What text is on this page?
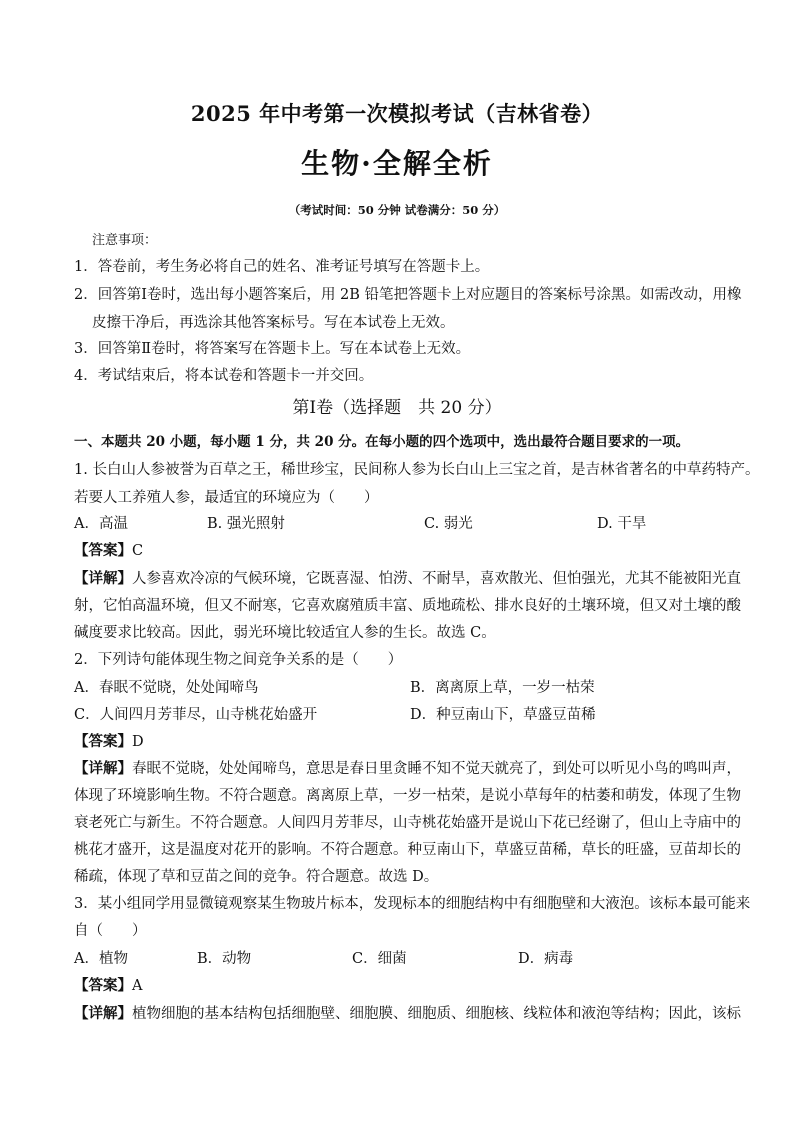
2025 年中考第一次模拟考试（吉林省卷）
生物·全解全析
（考试时间：50 分钟 试卷满分：50 分）
注意事项：
1．答卷前，考生务必将自己的姓名、准考证号填写在答题卡上。
2．回答第Ⅰ卷时，选出每小题答案后，用 2B 铅笔把答题卡上对应题目的答案标号涂黑。如需改动，用橡
皮擦干净后，再选涂其他答案标号。写在本试卷上无效。
3．回答第Ⅱ卷时，将答案写在答题卡上。写在本试卷上无效。
4．考试结束后，将本试卷和答题卡一并交回。
第Ⅰ卷（选择题　共 20 分）
一、本题共 20 小题，每小题 1 分，共 20 分。在每小题的四个选项中，选出最符合题目要求的一项。
1. 长白山人参被誉为百草之王，稀世珍宝，民间称人参为长白山上三宝之首，是吉林省著名的中草药特产。
若要人工养殖人参，最适宜的环境应为（　　）
A．高温	B. 强光照射	C. 弱光	D. 干旱
【答案】C
【详解】人参喜欢冷凉的气候环境，它既喜湿、怕涝、不耐旱，喜欢散光、但怕强光，尤其不能被阳光直
射，它怕高温环境，但又不耐寒，它喜欢腐殖质丰富、质地疏松、排水良好的土壤环境，但又对土壤的酸
碱度要求比较高。因此，弱光环境比较适宜人参的生长。故选 C。
2．下列诗句能体现生物之间竞争关系的是（　　）
A．春眠不觉晓，处处闻啼鸟	B．离离原上草，一岁一枯荣
C．人间四月芳菲尽，山寺桃花始盛开	D．种豆南山下，草盛豆苗稀
【答案】D
【详解】春眠不觉晓，处处闻啼鸟，意思是春日里贪睡不知不觉天就亮了，到处可以听见小鸟的鸣叫声，
体现了环境影响生物。不符合题意。离离原上草，一岁一枯荣，是说小草每年的枯萎和萌发，体现了生物
衰老死亡与新生。不符合题意。人间四月芳菲尽，山寺桃花始盛开是说山下花已经谢了，但山上寺庙中的
桃花才盛开，这是温度对花开的影响。不符合题意。种豆南山下，草盛豆苗稀，草长的旺盛，豆苗却长的
稀疏，体现了草和豆苗之间的竞争。符合题意。故选 D。
3．某小组同学用显微镜观察某生物玻片标本，发现标本的细胞结构中有细胞壁和大液泡。该标本最可能来
自（　　）
A．植物	B．动物	C．细菌	D．病毒
【答案】A
【详解】植物细胞的基本结构包括细胞壁、细胞膜、细胞质、细胞核、线粒体和液泡等结构；因此，该标
